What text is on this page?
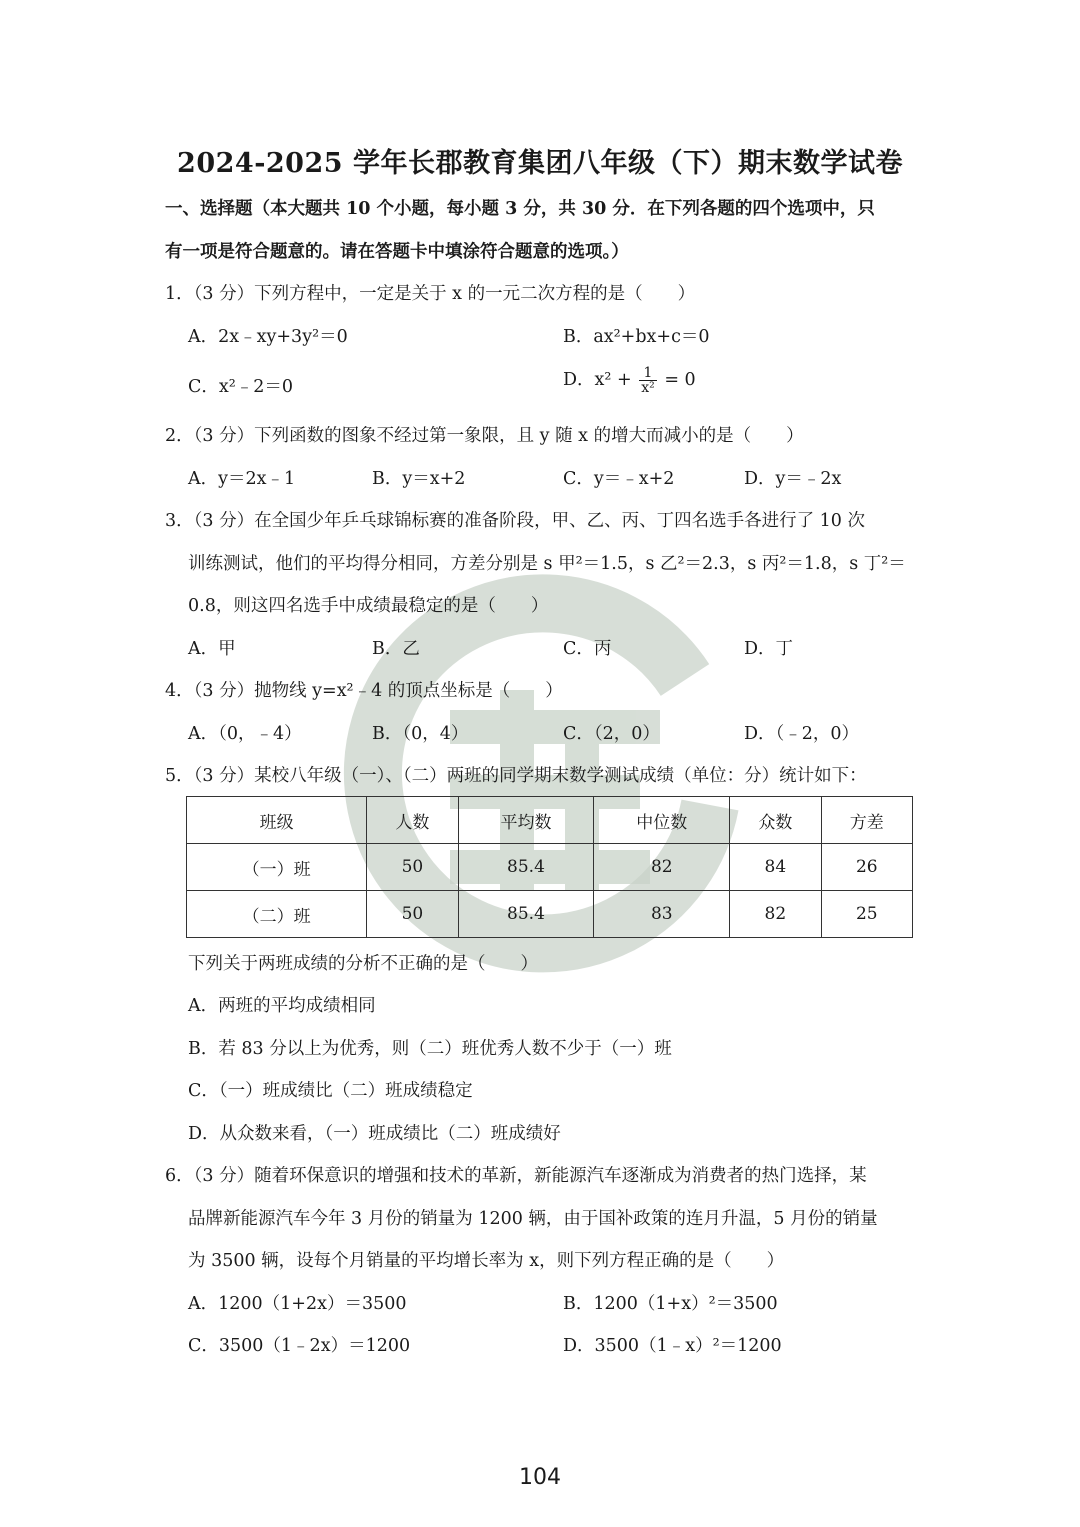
2024-2025 学年长郡教育集团八年级（下）期末数学试卷
一、选择题（本大题共 10 个小题，每小题 3 分，共 30 分．在下列各题的四个选项中，只
有一项是符合题意的。请在答题卡中填涂符合题意的选项。）
1．（3 分）下列方程中，一定是关于 x 的一元二次方程的是（　　）
A．2x﹣xy+3y²＝0	B．ax²+bx+c＝0
C．x²﹣2＝0	D．$x^2 + \frac{1}{\text{x²}} = 0$
2．（3 分）下列函数的图象不经过第一象限，且 y 随 x 的增大而减小的是（　　）
A．y＝2x﹣1	B．y＝x+2	C．y＝﹣x+2	D．y＝﹣2x
3．（3 分）在全国少年乒乓球锦标赛的准备阶段，甲、乙、丙、丁四名选手各进行了 10 次
训练测试，他们的平均得分相同，方差分别是 s 甲²＝1.5，s 乙²＝2.3，s 丙²＝1.8，s 丁²＝
0.8，则这四名选手中成绩最稳定的是（　　）
A．甲	B．乙	C．丙	D．丁
4．（3 分）抛物线 y=x²﹣4 的顶点坐标是（　　）
A．（0，﹣4）	B．（0，4）	C．（2，0）	D．（﹣2，0）
5．（3 分）某校八年级（一）、（二）两班的同学期末数学测试成绩（单位：分）统计如下：
班级	人数	平均数	中位数	众数	方差
（一）班	50	85.4	82	84	26
（二）班	50	85.4	83	82	25
下列关于两班成绩的分析不正确的是（　　）
A．两班的平均成绩相同
B．若 83 分以上为优秀，则（二）班优秀人数不少于（一）班
C．（一）班成绩比（二）班成绩稳定
D．从众数来看，（一）班成绩比（二）班成绩好
6．（3 分）随着环保意识的增强和技术的革新，新能源汽车逐渐成为消费者的热门选择，某
品牌新能源汽车今年 3 月份的销量为 1200 辆，由于国补政策的连月升温，5 月份的销量
为 3500 辆，设每个月销量的平均增长率为 x，则下列方程正确的是（　　）
A．1200（1+2x）＝3500	B．1200（1+x）²＝3500
C．3500（1﹣2x）＝1200	D．3500（1﹣x）²＝1200
104
